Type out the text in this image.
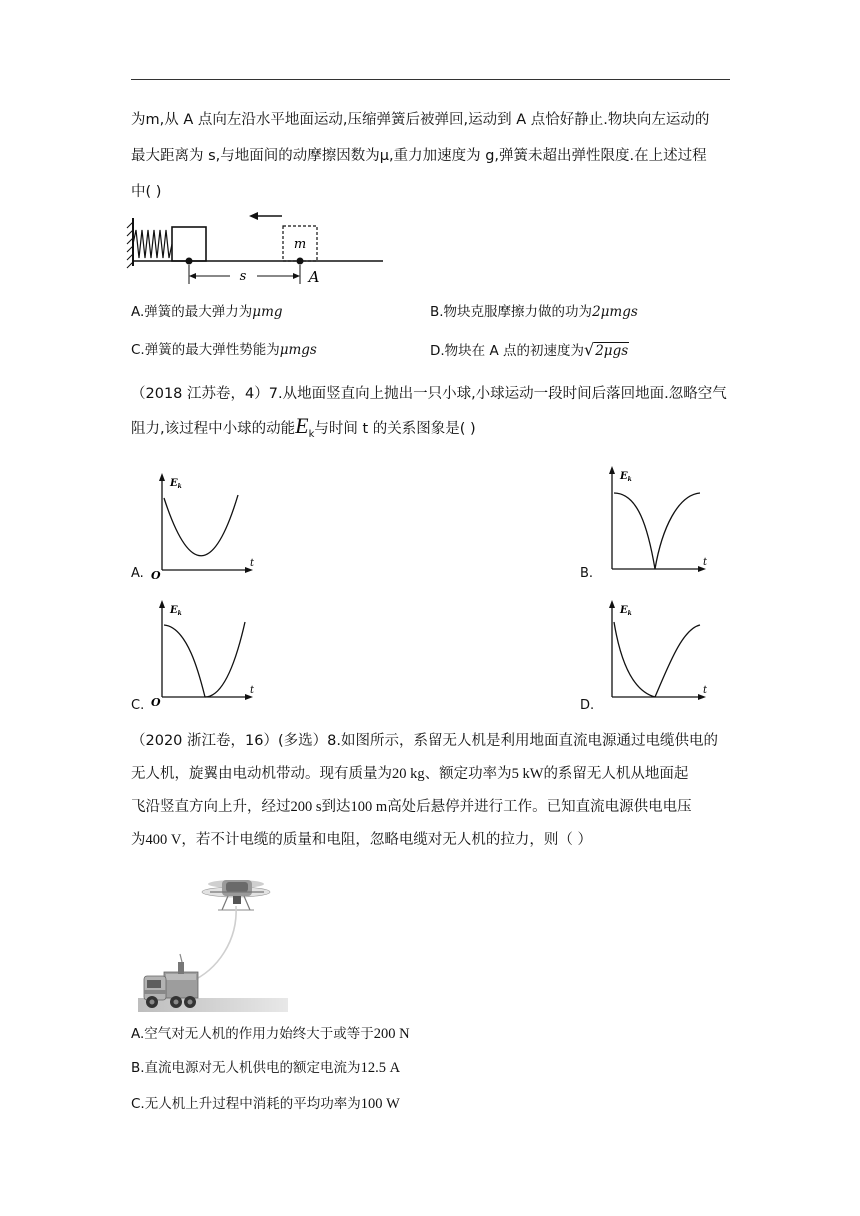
为m,从 A 点向左沿水平地面运动,压缩弹簧后被弹回,运动到 A 点恰好静止.物块向左运动的
最大距离为 s,与地面间的动摩擦因数为μ,重力加速度为 g,弹簧未超出弹性限度.在上述过程
中( )
m
s	A
A.弹簧的最大弹力为μmg	B.物块克服摩擦力做的功为2μmgs
C.弹簧的最大弹性势能为μmgs	D.物块在 A 点的初速度为√2μgs
（2018 江苏卷，4）7.从地面竖直向上抛出一只小球,小球运动一段时间后落回地面.忽略空气
阻力,该过程中小球的动能$E_k$与时间 t 的关系图象是( )
$E_k$
t
O
A.
$E_k$
t
B.
$E_k$
t
O
C.
$E_k$
t
D.
（2020 浙江卷，16）(多选）8.如图所示，系留无人机是利用地面直流电源通过电缆供电的
无人机，旋翼由电动机带动。现有质量为20 kg、额定功率为5 kW的系留无人机从地面起
飞沿竖直方向上升，经过200 s到达100 m高处后悬停并进行工作。已知直流电源供电电压
为400 V，若不计电缆的质量和电阻，忽略电缆对无人机的拉力，则（ ）
A.空气对无人机的作用力始终大于或等于200 N
B.直流电源对无人机供电的额定电流为12.5 A
C.无人机上升过程中消耗的平均功率为100 W
